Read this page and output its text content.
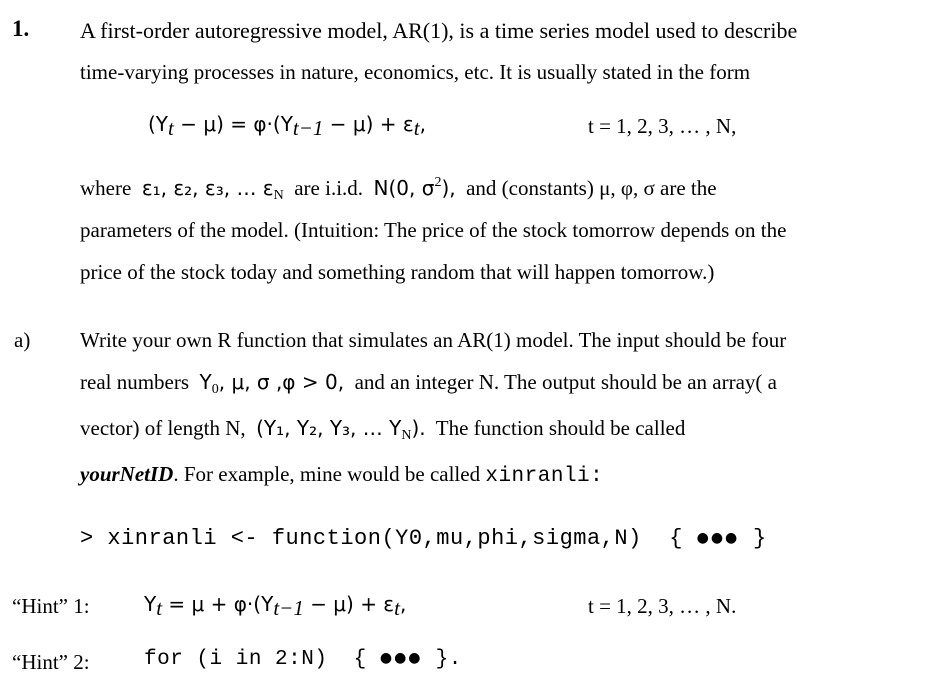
1. A first-order autoregressive model, AR(1), is a time series model used to describe
time-varying processes in nature, economics, etc. It is usually stated in the form
$(Y_t - \mu) = \varphi\cdot(Y_{t-1} - \mu) + \varepsilon_t$,	t = 1, 2, 3, … , N,
where ε₁, ε₂, ε₃, … $\varepsilon_N$ are i.i.d. N(0, $\sigma^2$), and (constants) μ, φ, σ are the
parameters of the model. (Intuition: The price of the stock tomorrow depends on the
price of the stock today and something random that will happen tomorrow.)
a) Write your own R function that simulates an AR(1) model. The input should be four
real numbers $Y_0$, μ, σ ,φ > 0, and an integer N. The output should be an array( a
vector) of length N, (Y₁, Y₂, Y₃, … $Y_N$). The function should be called
yourNetID. For example, mine would be called xinranli:
> xinranli <- function(Y0,mu,phi,sigma,N) { ●●● }
“Hint” 1:	$Y_t = \mu + \varphi\cdot(Y_{t-1} - \mu) + \varepsilon_t$,	t = 1, 2, 3, … , N.
“Hint” 2:	for (i in 2:N) { ●●● }.
